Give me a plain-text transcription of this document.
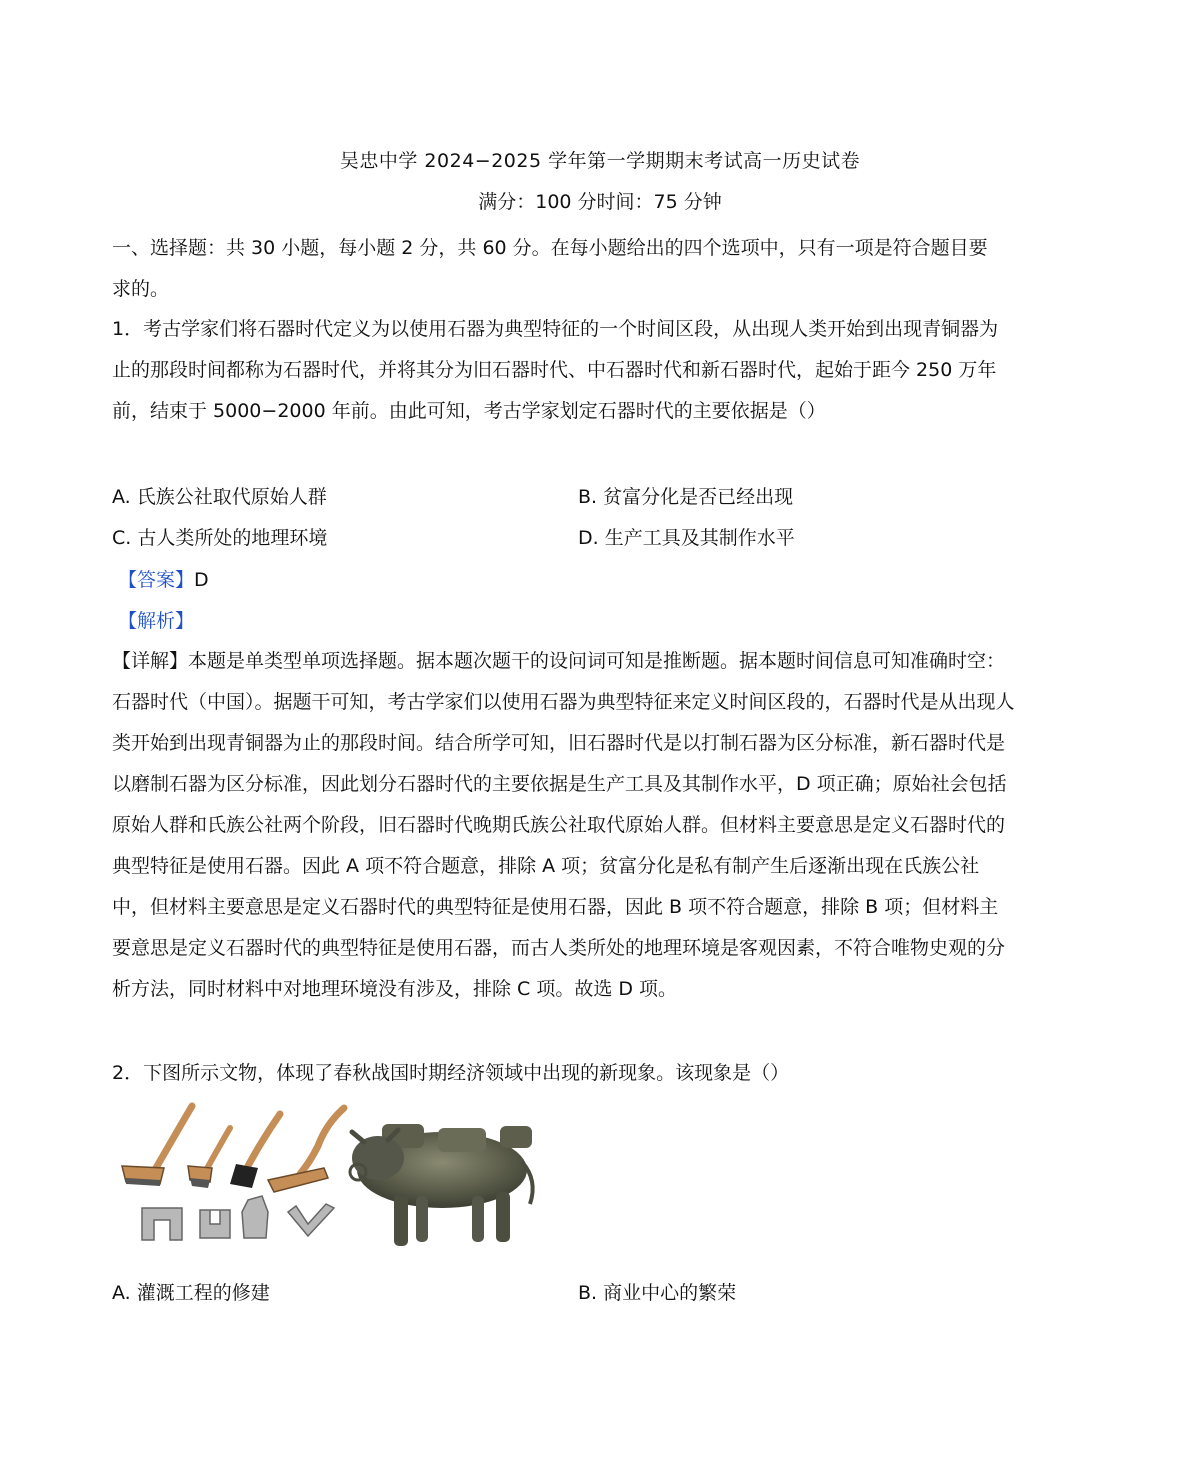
吴忠中学 2024−2025 学年第一学期期末考试高一历史试卷
满分：100 分时间：75 分钟
一、选择题：共 30 小题，每小题 2 分，共 60 分。在每小题给出的四个选项中，只有一项是符合题目要求的。
1．考古学家们将石器时代定义为以使用石器为典型特征的一个时间区段，从出现人类开始到出现青铜器为止的那段时间都称为石器时代，并将其分为旧石器时代、中石器时代和新石器时代，起始于距今 250 万年前，结束于 5000−2000 年前。由此可知，考古学家划定石器时代的主要依据是（）
A. 氏族公社取代原始人群	B. 贫富分化是否已经出现
C. 古人类所处的地理环境	D. 生产工具及其制作水平
【答案】D
【解析】
【详解】本题是单类型单项选择题。据本题次题干的设问词可知是推断题。据本题时间信息可知准确时空：石器时代（中国）。据题干可知，考古学家们以使用石器为典型特征来定义时间区段的，石器时代是从出现人类开始到出现青铜器为止的那段时间。结合所学可知，旧石器时代是以打制石器为区分标准，新石器时代是以磨制石器为区分标准，因此划分石器时代的主要依据是生产工具及其制作水平，D 项正确；原始社会包括原始人群和氏族公社两个阶段，旧石器时代晚期氏族公社取代原始人群。但材料主要意思是定义石器时代的典型特征是使用石器。因此 A 项不符合题意，排除 A 项；贫富分化是私有制产生后逐渐出现在氏族公社中，但材料主要意思是定义石器时代的典型特征是使用石器，因此 B 项不符合题意，排除 B 项；但材料主要意思是定义石器时代的典型特征是使用石器，而古人类所处的地理环境是客观因素，不符合唯物史观的分析方法，同时材料中对地理环境没有涉及，排除 C 项。故选 D 项。
2．下图所示文物，体现了春秋战国时期经济领域中出现的新现象。该现象是（）
A. 灌溉工程的修建	B. 商业中心的繁荣
